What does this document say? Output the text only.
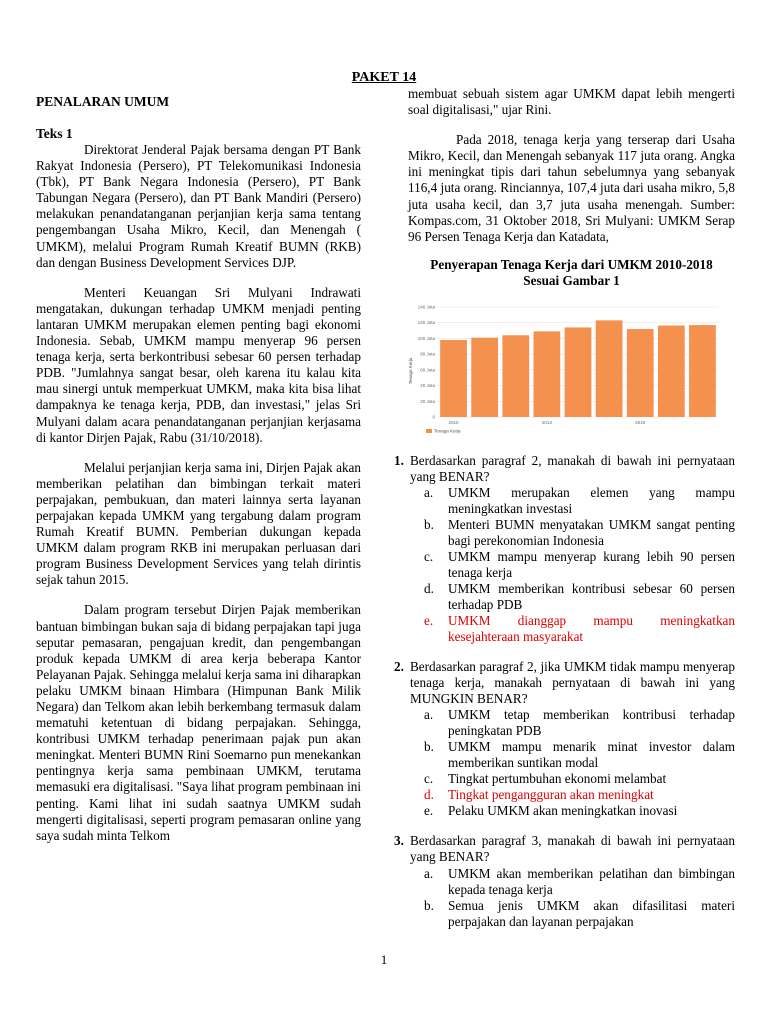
PAKET 14
PENALARAN UMUM
Teks 1

Direktorat Jenderal Pajak bersama dengan PT Bank Rakyat Indonesia (Persero), PT Telekomunikasi Indonesia (Tbk), PT Bank Negara Indonesia (Persero), PT Bank Tabungan Negara (Persero), dan PT Bank Mandiri (Persero) melakukan penandatanganan perjanjian kerja sama tentang pengembangan Usaha Mikro, Kecil, dan Menengah ( UMKM), melalui Program Rumah Kreatif BUMN (RKB) dan dengan Business Development Services DJP.

Menteri Keuangan Sri Mulyani Indrawati mengatakan, dukungan terhadap UMKM menjadi penting lantaran UMKM merupakan elemen penting bagi ekonomi Indonesia. Sebab, UMKM mampu menyerap 96 persen tenaga kerja, serta berkontribusi sebesar 60 persen terhadap PDB. "Jumlahnya sangat besar, oleh karena itu kalau kita mau sinergi untuk memperkuat UMKM, maka kita bisa lihat dampaknya ke tenaga kerja, PDB, dan investasi," jelas Sri Mulyani dalam acara penandatanganan perjanjian kerjasama di kantor Dirjen Pajak, Rabu (31/10/2018).

Melalui perjanjian kerja sama ini, Dirjen Pajak akan memberikan pelatihan dan bimbingan terkait materi perpajakan, pembukuan, dan materi lainnya serta layanan perpajakan kepada UMKM yang tergabung dalam program Rumah Kreatif BUMN. Pemberian dukungan kepada UMKM dalam program RKB ini merupakan perluasan dari program Business Development Services yang telah dirintis sejak tahun 2015.

Dalam program tersebut Dirjen Pajak memberikan bantuan bimbingan bukan saja di bidang perpajakan tapi juga seputar pemasaran, pengajuan kredit, dan pengembangan produk kepada UMKM di area kerja beberapa Kantor Pelayanan Pajak. Sehingga melalui kerja sama ini diharapkan pelaku UMKM binaan Himbara (Himpunan Bank Milik Negara) dan Telkom akan lebih berkembang termasuk dalam mematuhi ketentuan di bidang perpajakan. Sehingga, kontribusi UMKM terhadap penerimaan pajak pun akan meningkat. Menteri BUMN Rini Soemarno pun menekankan pentingnya kerja sama pembinaan UMKM, terutama memasuki era digitalisasi. "Saya lihat program pembinaan ini penting. Kami lihat ini sudah saatnya UMKM sudah mengerti digitalisasi, seperti program pemasaran online yang saya sudah minta Telkom

membuat sebuah sistem agar UMKM dapat lebih mengerti soal digitalisasi," ujar Rini.

Pada 2018, tenaga kerja yang terserap dari Usaha Mikro, Kecil, dan Menengah sebanyak 117 juta orang. Angka ini meningkat tipis dari tahun sebelumnya yang sebanyak 116,4 juta orang. Rinciannya, 107,4 juta dari usaha mikro, 5,8 juta usaha kecil, dan 3,7 juta usaha menengah. Sumber: Kompas.com, 31 Oktober 2018, Sri Mulyani: UMKM Serap 96 Persen Tenaga Kerja dan Katadata,

Penyerapan Tenaga Kerja dari UMKM 2010-2018
Sesuai Gambar 1
0
20 Juta
40 Juta
60 Juta
80 Juta
100 Juta
120 Juta
140 Juta
2010	2013	2016
Tenaga Kerja
Tenaga Kerja
1. Berdasarkan paragraf 2, manakah di bawah ini pernyataan yang BENAR?

a. UMKM merupakan elemen yang mampu meningkatkan investasi
b. Menteri BUMN menyatakan UMKM sangat penting bagi perekonomian Indonesia
c. UMKM mampu menyerap kurang lebih 90 persen tenaga kerja
d. UMKM memberikan kontribusi sebesar 60 persen terhadap PDB
e. UMKM dianggap mampu meningkatkan kesejahteraan masyarakat
2. Berdasarkan paragraf 2, jika UMKM tidak mampu menyerap tenaga kerja, manakah pernyataan di bawah ini yang MUNGKIN BENAR?

a. UMKM tetap memberikan kontribusi terhadap peningkatan PDB
b. UMKM mampu menarik minat investor dalam memberikan suntikan modal
c. Tingkat pertumbuhan ekonomi melambat
d. Tingkat pengangguran akan meningkat
e. Pelaku UMKM akan meningkatkan inovasi
3. Berdasarkan paragraf 3, manakah di bawah ini pernyataan yang BENAR?

a. UMKM akan memberikan pelatihan dan bimbingan kepada tenaga kerja
b. Semua jenis UMKM akan difasilitasi materi perpajakan dan layanan perpajakan
1
